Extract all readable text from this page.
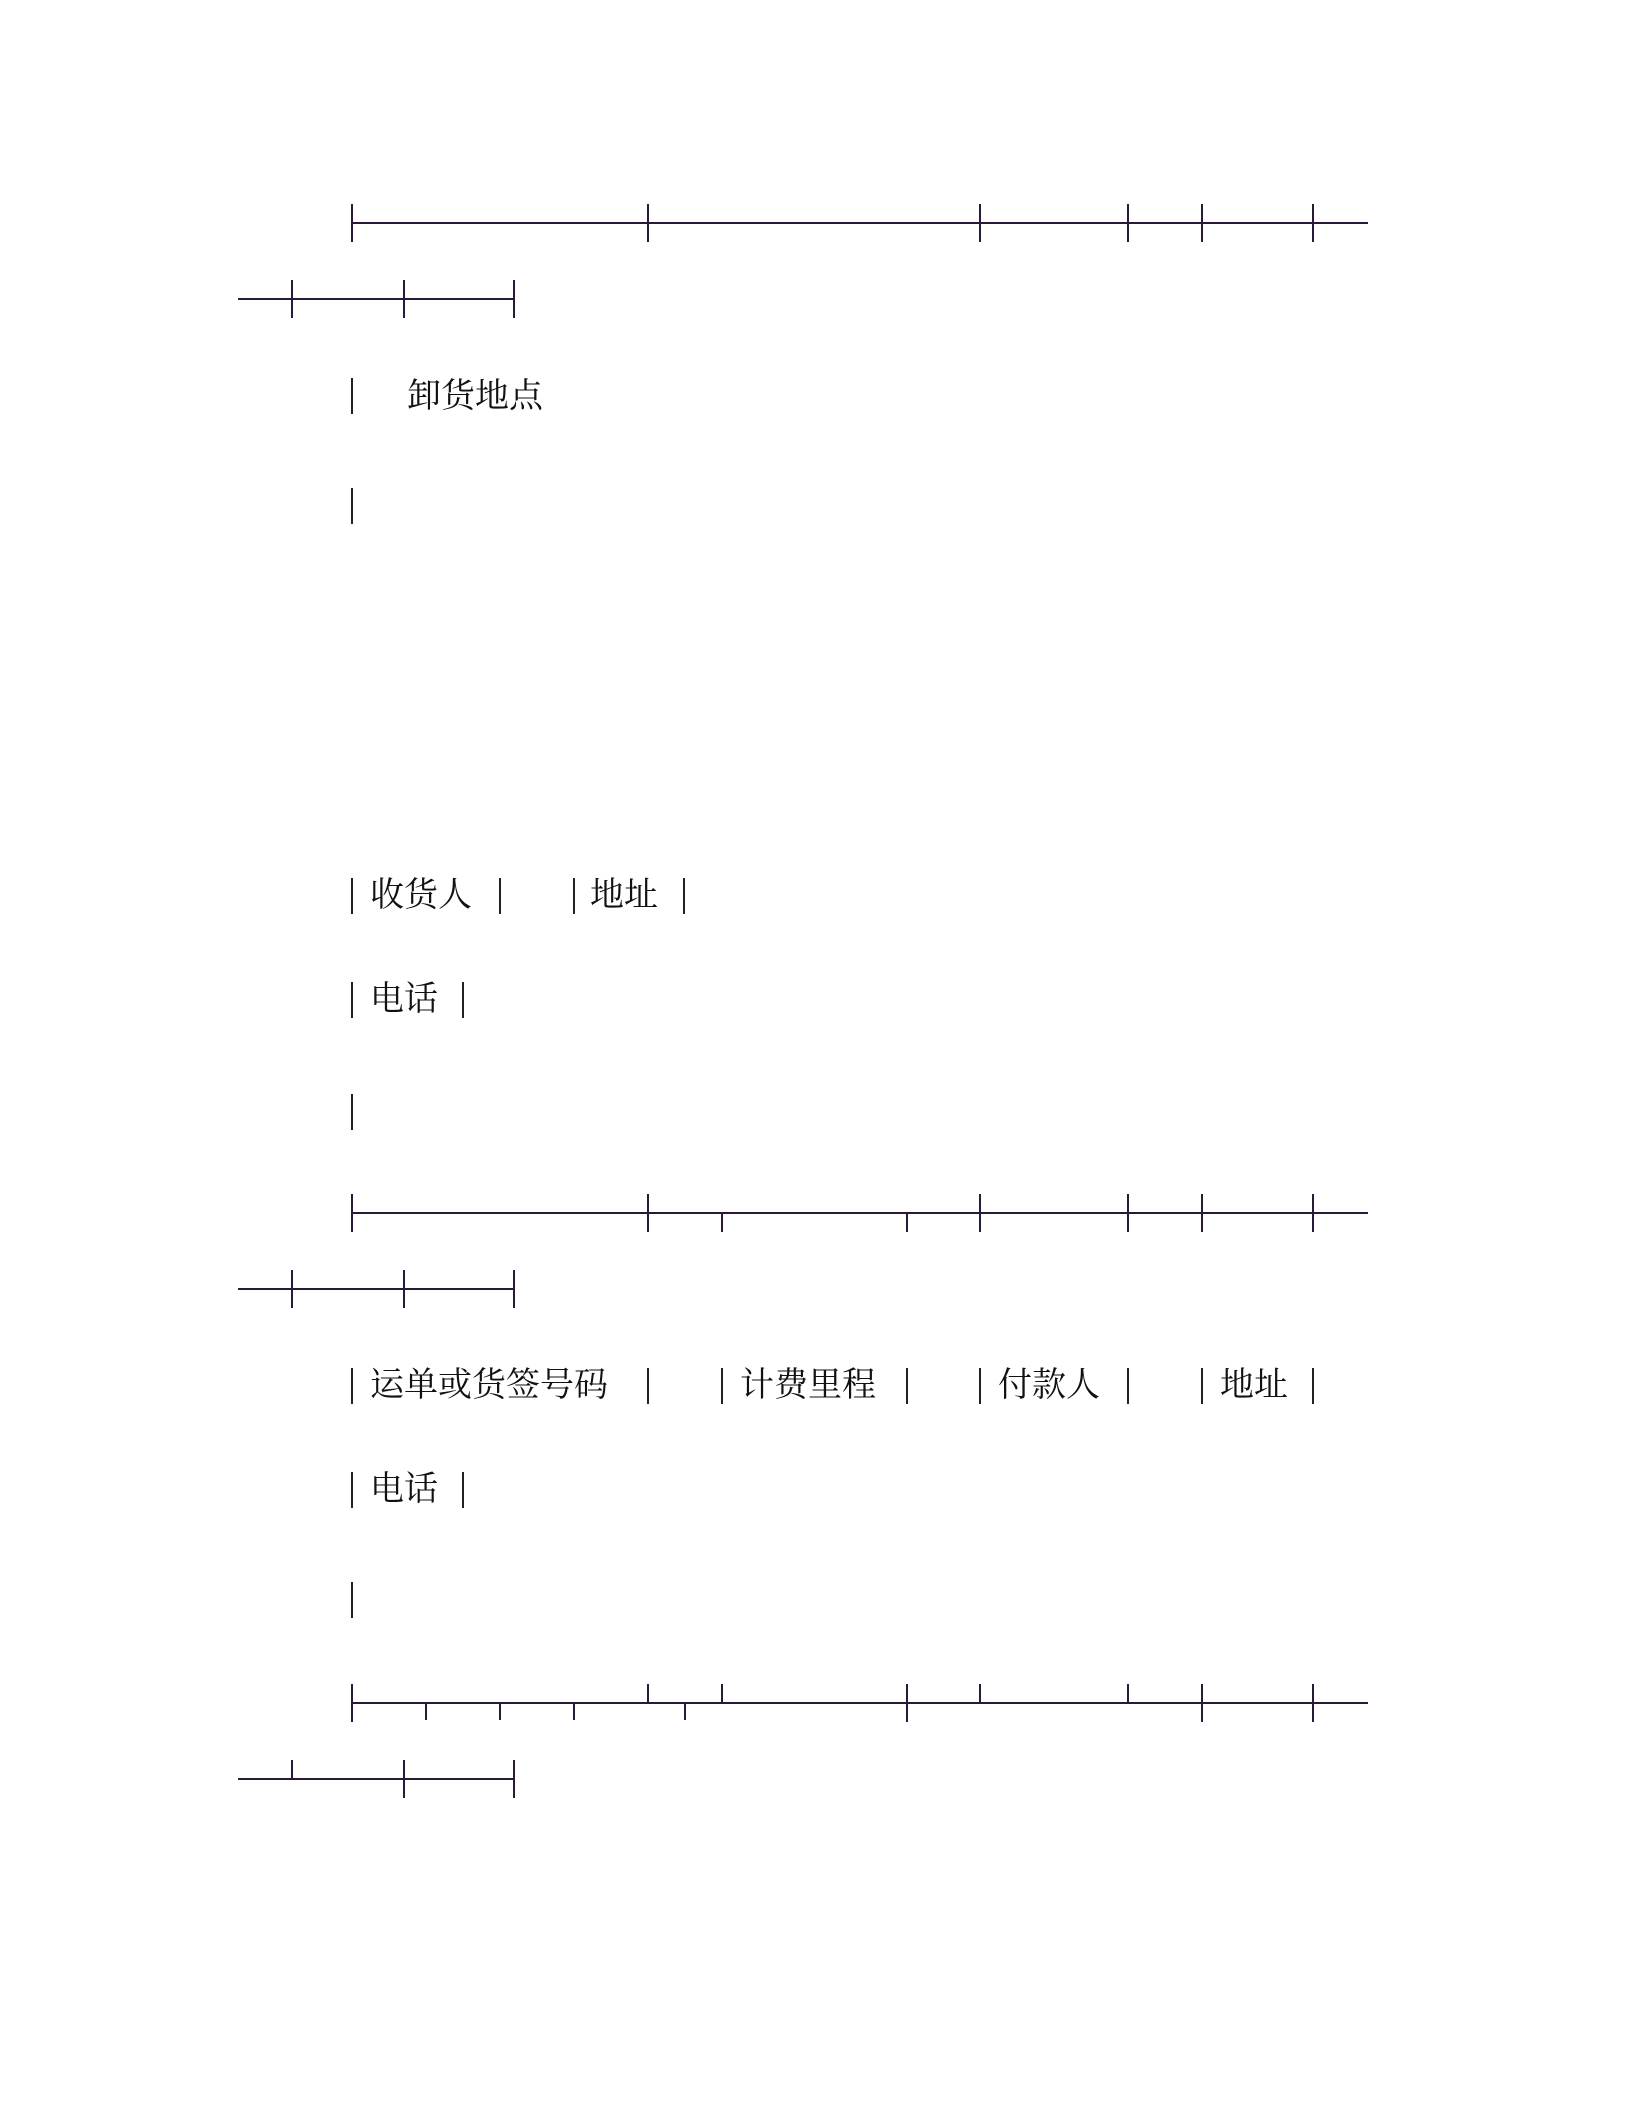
卸货地点
收货人	地址
电话
运单或货签号码	计费里程	付款人	地址
电话
